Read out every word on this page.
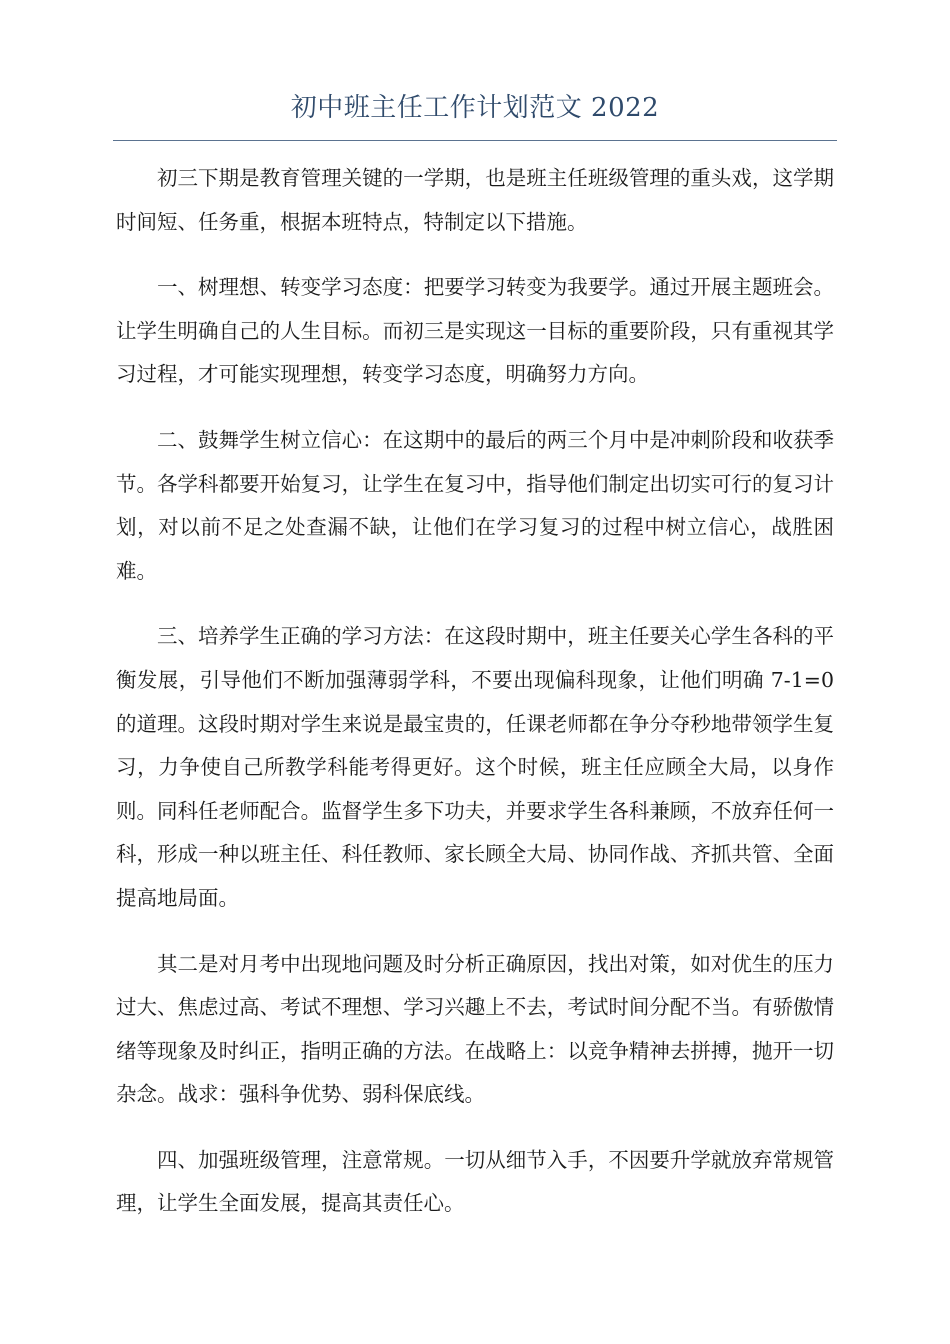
初中班主任工作计划范文 2022

初三下期是教育管理关键的一学期，也是班主任班级管理的重头戏，这学期时间短、任务重，根据本班特点，特制定以下措施。

一、树理想、转变学习态度：把要学习转变为我要学。通过开展主题班会。让学生明确自己的人生目标。而初三是实现这一目标的重要阶段，只有重视其学习过程，才可能实现理想，转变学习态度，明确努力方向。

二、鼓舞学生树立信心：在这期中的最后的两三个月中是冲刺阶段和收获季节。各学科都要开始复习，让学生在复习中，指导他们制定出切实可行的复习计划，对以前不足之处查漏不缺，让他们在学习复习的过程中树立信心，战胜困难。

三、培养学生正确的学习方法：在这段时期中，班主任要关心学生各科的平衡发展，引导他们不断加强薄弱学科，不要出现偏科现象，让他们明确 7-1=0 的道理。这段时期对学生来说是最宝贵的，任课老师都在争分夺秒地带领学生复习，力争使自己所教学科能考得更好。这个时候，班主任应顾全大局，以身作则。同科任老师配合。监督学生多下功夫，并要求学生各科兼顾，不放弃任何一科，形成一种以班主任、科任教师、家长顾全大局、协同作战、齐抓共管、全面提高地局面。

其二是对月考中出现地问题及时分析正确原因，找出对策，如对优生的压力过大、焦虑过高、考试不理想、学习兴趣上不去，考试时间分配不当。有骄傲情绪等现象及时纠正，指明正确的方法。在战略上：以竞争精神去拼搏，抛开一切杂念。战求：强科争优势、弱科保底线。

四、加强班级管理，注意常规。一切从细节入手，不因要升学就放弃常规管理，让学生全面发展，提高其责任心。
